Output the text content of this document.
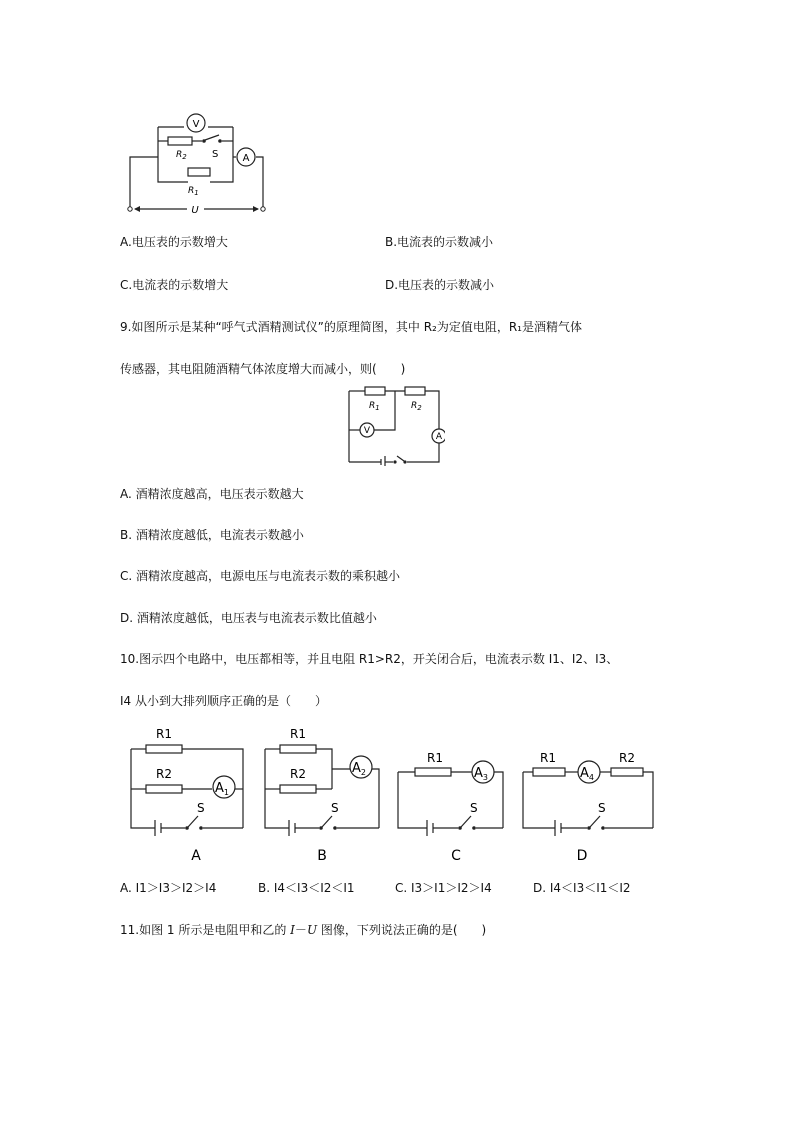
V
$R_2$	S
$R_1$
A
U
A.电压表的示数增大	B.电流表的示数减小
C.电流表的示数增大	D.电压表的示数减小
9.如图所示是某种“呼气式酒精测试仪”的原理简图，其中 R₂为定值电阻，R₁是酒精气体
传感器，其电阻随酒精气体浓度增大而减小，则(　　)
$R_1$	$R_2$
V
A
A. 酒精浓度越高，电压表示数越大
B. 酒精浓度越低，电流表示数越小
C. 酒精浓度越高，电源电压与电流表示数的乘积越小
D. 酒精浓度越低，电压表与电流表示数比值越小
10.图示四个电路中，电压都相等，并且电阻 R1>R2，开关闭合后，电流表示数 I1、I2、I3、
I4 从小到大排列顺序正确的是（　　）
R1
R2
$A_1$
S
A
R1
R2	$A_2$
S
B
R1
$A_3$
S
C
R1
$A_4$
R2
S
D
A. I1＞I3＞I2＞I4	B. I4＜I3＜I2＜I1	C. I3＞I1＞I2＞I4	D. I4＜I3＜I1＜I2
11.如图 1 所示是电阻甲和乙的 I－U 图像，下列说法正确的是(　　)
